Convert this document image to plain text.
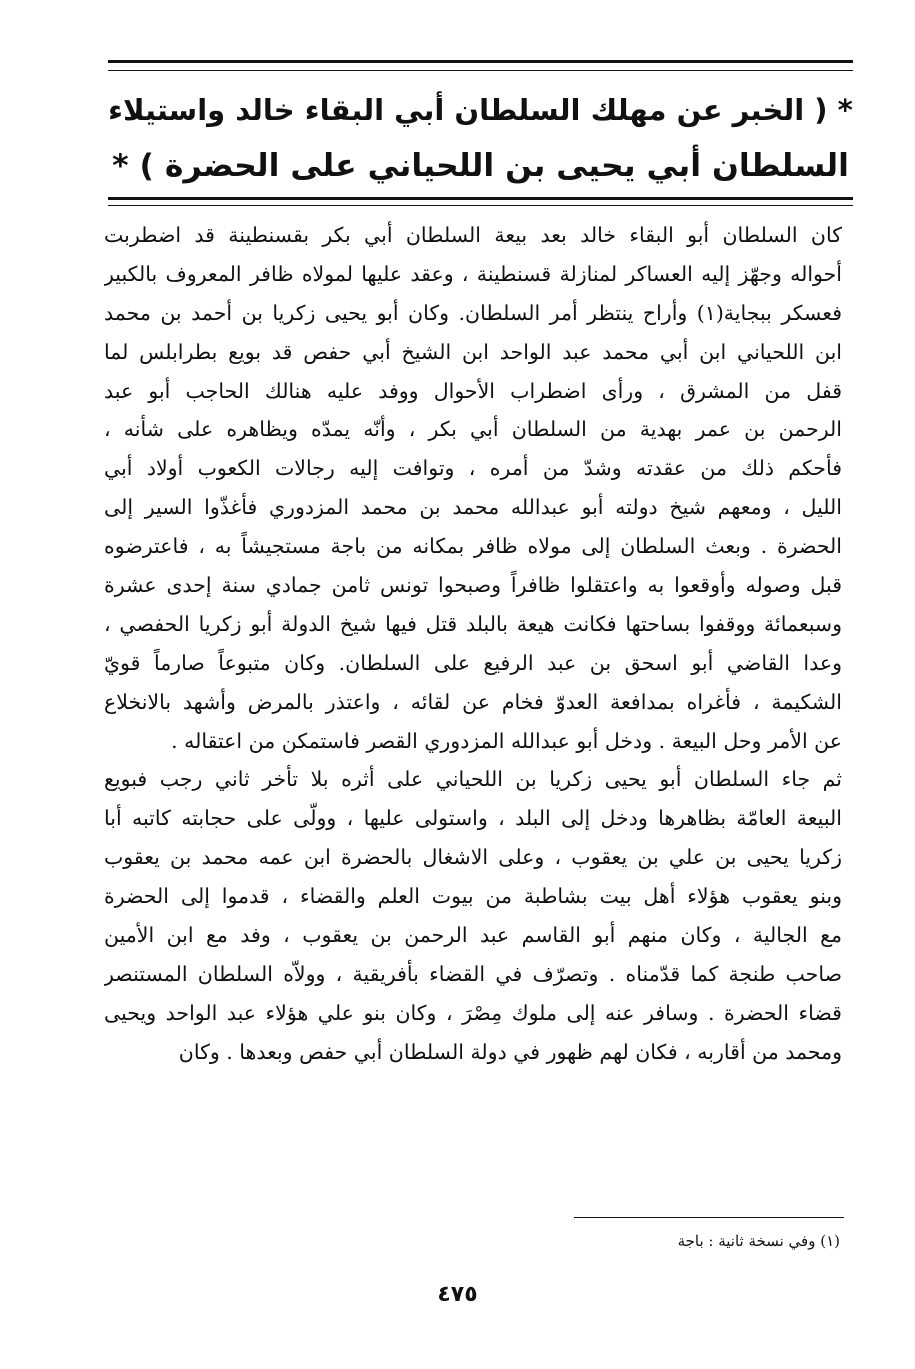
* ( الخبر عن مهلك السلطان أبي البقاء خالد واستيلاء
السلطان أبي يحيى بن اللحياني على الحضرة ) *
كان السلطان أبو البقاء خالد بعد بيعة السلطان أبي بكر بقسنطينة قد اضطربت
أحواله وجهّز إليه العساكر لمنازلة قسنطينة ، وعقد عليها لمولاه ظافر المعروف بالكبير
فعسكر ببجاية(١) وأراح ينتظر أمر السلطان. وكان أبو يحيى زكريا بن أحمد بن محمد
ابن اللحياني ابن أبي محمد عبد الواحد ابن الشيخ أبي حفص قد بويع بطرابلس لما
قفل من المشرق ، ورأى اضطراب الأحوال ووفد عليه هنالك الحاجب أبو عبد
الرحمن بن عمر بهدية من السلطان أبي بكر ، وأنّه يمدّه ويظاهره على شأنه ،
فأحكم ذلك من عقدته وشدّ من أمره ، وتوافت إليه رجالات الكعوب أولاد أبي
الليل ، ومعهم شيخ دولته أبو عبدالله محمد بن محمد المزدوري فأغذّوا السير إلى
الحضرة . وبعث السلطان إلى مولاه ظافر بمكانه من باجة مستجيشاً به ، فاعترضوه
قبل وصوله وأوقعوا به واعتقلوا ظافراً وصبحوا تونس ثامن جمادي سنة إحدى عشرة
وسبعمائة ووقفوا بساحتها فكانت هيعة بالبلد قتل فيها شيخ الدولة أبو زكريا الحفصي ،
وعدا القاضي أبو اسحق بن عبد الرفيع على السلطان. وكان متبوعاً صارماً قويّ
الشكيمة ، فأغراه بمدافعة العدوّ فخام عن لقائه ، واعتذر بالمرض وأشهد بالانخلاع
عن الأمر وحل البيعة . ودخل أبو عبدالله المزدوري القصر فاستمكن من اعتقاله .
ثم جاء السلطان أبو يحيى زكريا بن اللحياني على أثره بلا تأخر ثاني رجب فبويع
البيعة العامّة بظاهرها ودخل إلى البلد ، واستولى عليها ، وولّى على حجابته كاتبه أبا
زكريا يحيى بن علي بن يعقوب ، وعلى الاشغال بالحضرة ابن عمه محمد بن يعقوب
وبنو يعقوب هؤلاء أهل بيت بشاطبة من بيوت العلم والقضاء ، قدموا إلى الحضرة
مع الجالية ، وكان منهم أبو القاسم عبد الرحمن بن يعقوب ، وفد مع ابن الأمين
صاحب طنجة كما قدّمناه . وتصرّف في القضاء بأفريقية ، وولاّه السلطان المستنصر
قضاء الحضرة . وسافر عنه إلى ملوك مِصْرَ ، وكان بنو علي هؤلاء عبد الواحد ويحيى
ومحمد من أقاربه ، فكان لهم ظهور في دولة السلطان أبي حفص وبعدها . وكان
(١) وفي نسخة ثانية : باجة
٤٧٥
